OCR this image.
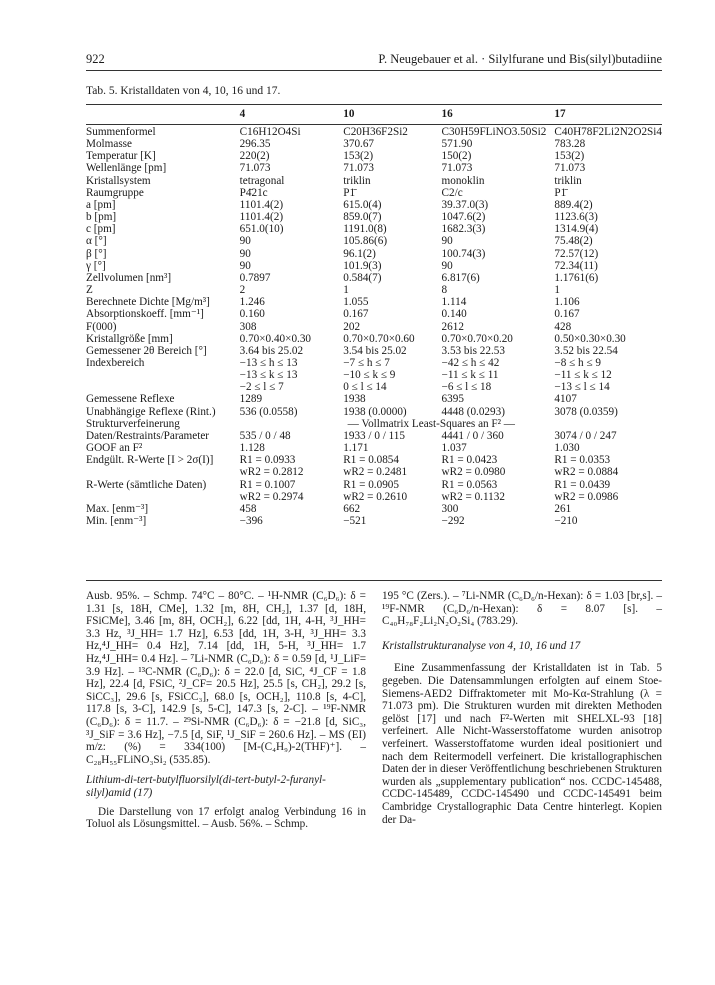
922	P. Neugebauer et al. · Silylfurane und Bis(silyl)butadiine
Tab. 5. Kristalldaten von 4, 10, 16 und 17.
	4	10	16	17
Summenformel	C16H12O4Si	C20H36F2Si2	C30H59FLiNO3.50Si2	C40H78F2Li2N2O2Si4
Molmasse	296.35	370.67	571.90	783.28
Temperatur [K]	220(2)	153(2)	150(2)	153(2)
Wellenlänge [pm]	71.073	71.073	71.073	71.073
Kristallsystem	tetragonal	triklin	monoklin	triklin
Raumgruppe	P4̄21c	P1̄	C2/c	P1̄
a [pm]	1101.4(2)	615.0(4)	39.37.0(3)	889.4(2)
b [pm]	1101.4(2)	859.0(7)	1047.6(2)	1123.6(3)
c [pm]	651.0(10)	1191.0(8)	1682.3(3)	1314.9(4)
α [°]	90	105.86(6)	90	75.48(2)
β [°]	90	96.1(2)	100.74(3)	72.57(12)
γ [°]	90	101.9(3)	90	72.34(11)
Zellvolumen [nm³]	0.7897	0.584(7)	6.817(6)	1.1761(6)
Z	2	1	8	1
Berechnete Dichte [Mg/m³]	1.246	1.055	1.114	1.106
Absorptionskoeff. [mm⁻¹]	0.160	0.167	0.140	0.167
F(000)	308	202	2612	428
Kristallgröße [mm]	0.70×0.40×0.30	0.70×0.70×0.60	0.70×0.70×0.20	0.50×0.30×0.30
Gemessener 2θ Bereich [°]	3.64 bis 25.02	3.54 bis 25.02	3.53 bis 22.53	3.52 bis 22.54
Indexbereich	−13 ≤ h ≤ 13	−7 ≤ h ≤ 7	−42 ≤ h ≤ 42	−8 ≤ h ≤ 9
	−13 ≤ k ≤ 13	−10 ≤ k ≤ 9	−11 ≤ k ≤ 11	−11 ≤ k ≤ 12
	−2 ≤ l ≤ 7	0 ≤ l ≤ 14	−6 ≤ l ≤ 18	−13 ≤ l ≤ 14
Gemessene Reflexe	1289	1938	6395	4107
Unabhängige Reflexe (Rint.)	536 (0.0558)	1938 (0.0000)	4448 (0.0293)	3078 (0.0359)
Strukturverfeinerung	— Vollmatrix Least-Squares an F² —			
Daten/Restraints/Parameter	535 / 0 / 48	1933 / 0 / 115	4441 / 0 / 360	3074 / 0 / 247
GOOF an F²	1.128	1.171	1.037	1.030
Endgült. R-Werte [I > 2σ(I)]	R1 = 0.0933	R1 = 0.0854	R1 = 0.0423	R1 = 0.0353
	wR2 = 0.2812	wR2 = 0.2481	wR2 = 0.0980	wR2 = 0.0884
R-Werte (sämtliche Daten)	R1 = 0.1007	R1 = 0.0905	R1 = 0.0563	R1 = 0.0439
	wR2 = 0.2974	wR2 = 0.2610	wR2 = 0.1132	wR2 = 0.0986
Max. [enm⁻³]	458	662	300	261
Min. [enm⁻³]	−396	−521	−292	−210

Ausb. 95%. – Schmp. 74°C – 80°C. – ¹H-NMR (C₆D₆): δ = 1.31 [s, 18H, CMe], 1.32 [m, 8H, CH₂], 1.37 [d, 18H, FSiCMe], 3.46 [m, 8H, OCH₂], 6.22 [dd, 1H, 4-H, ³J_HH= 3.3 Hz, ³J_HH= 1.7 Hz], 6.53 [dd, 1H, 3-H, ³J_HH= 3.3 Hz,⁴J_HH= 0.4 Hz], 7.14 [dd, 1H, 5-H, ³J_HH= 1.7 Hz,⁴J_HH= 0.4 Hz]. – ⁷Li-NMR (C₆D₆): δ = 0.59 [d, ¹J_LiF= 3.9 Hz]. – ¹³C-NMR (C₆D₆): δ = 22.0 [d, SiC, ⁴J_CF = 1.8 Hz], 22.4 [d, FSiC, ²J_CF= 20.5 Hz], 25.5 [s, CH₂], 29.2 [s, SiCC₃], 29.6 [s, FSiCC₃], 68.0 [s, OCH₂], 110.8 [s, 4-C], 117.8 [s, 3-C], 142.9 [s, 5-C], 147.3 [s, 2-C]. – ¹⁹F-NMR (C₆D₆): δ = 11.7. – ²⁹Si-NMR (C₆D₆): δ = −21.8 [d, SiC₃, ³J_SiF = 3.6 Hz], −7.5 [d, SiF, ¹J_SiF = 260.6 Hz]. – MS (EI) m/z: (%) = 334(100) [M-(C₄H₉)-2(THF)⁺]. – C₂₈H₅₅FLiNO₃Si₂ (535.85).

Lithium-di-tert-butylfluorsilyl(di-tert-butyl-2-furanyl-silyl)amid (17)

Die Darstellung von 17 erfolgt analog Verbindung 16 in Toluol als Lösungsmittel. – Ausb. 56%. – Schmp.

195 °C (Zers.). – ⁷Li-NMR (C₆D₆/n-Hexan): δ = 1.03 [br,s]. – ¹⁹F-NMR (C₆D₆/n-Hexan): δ = 8.07 [s]. – C₄₀H₇₈F₂Li₂N₂O₂Si₄ (783.29).

Kristallstrukturanalyse von 4, 10, 16 und 17

Eine Zusammenfassung der Kristalldaten ist in Tab. 5 gegeben. Die Datensammlungen erfolgten auf einem Stoe-Siemens-AED2 Diffraktometer mit Mo-Kα-Strahlung (λ = 71.073 pm). Die Strukturen wurden mit direkten Methoden gelöst [17] und nach F²-Werten mit SHELXL-93 [18] verfeinert. Alle Nicht-Wasserstoffatome wurden anisotrop verfeinert. Wasserstoffatome wurden ideal positioniert und nach dem Reitermodell verfeinert. Die kristallographischen Daten der in dieser Veröffentlichung beschriebenen Strukturen wurden als „supplementary publication“ nos. CCDC-145488, CCDC-145489, CCDC-145490 und CCDC-145491 beim Cambridge Crystallographic Data Centre hinterlegt. Kopien der Da-
